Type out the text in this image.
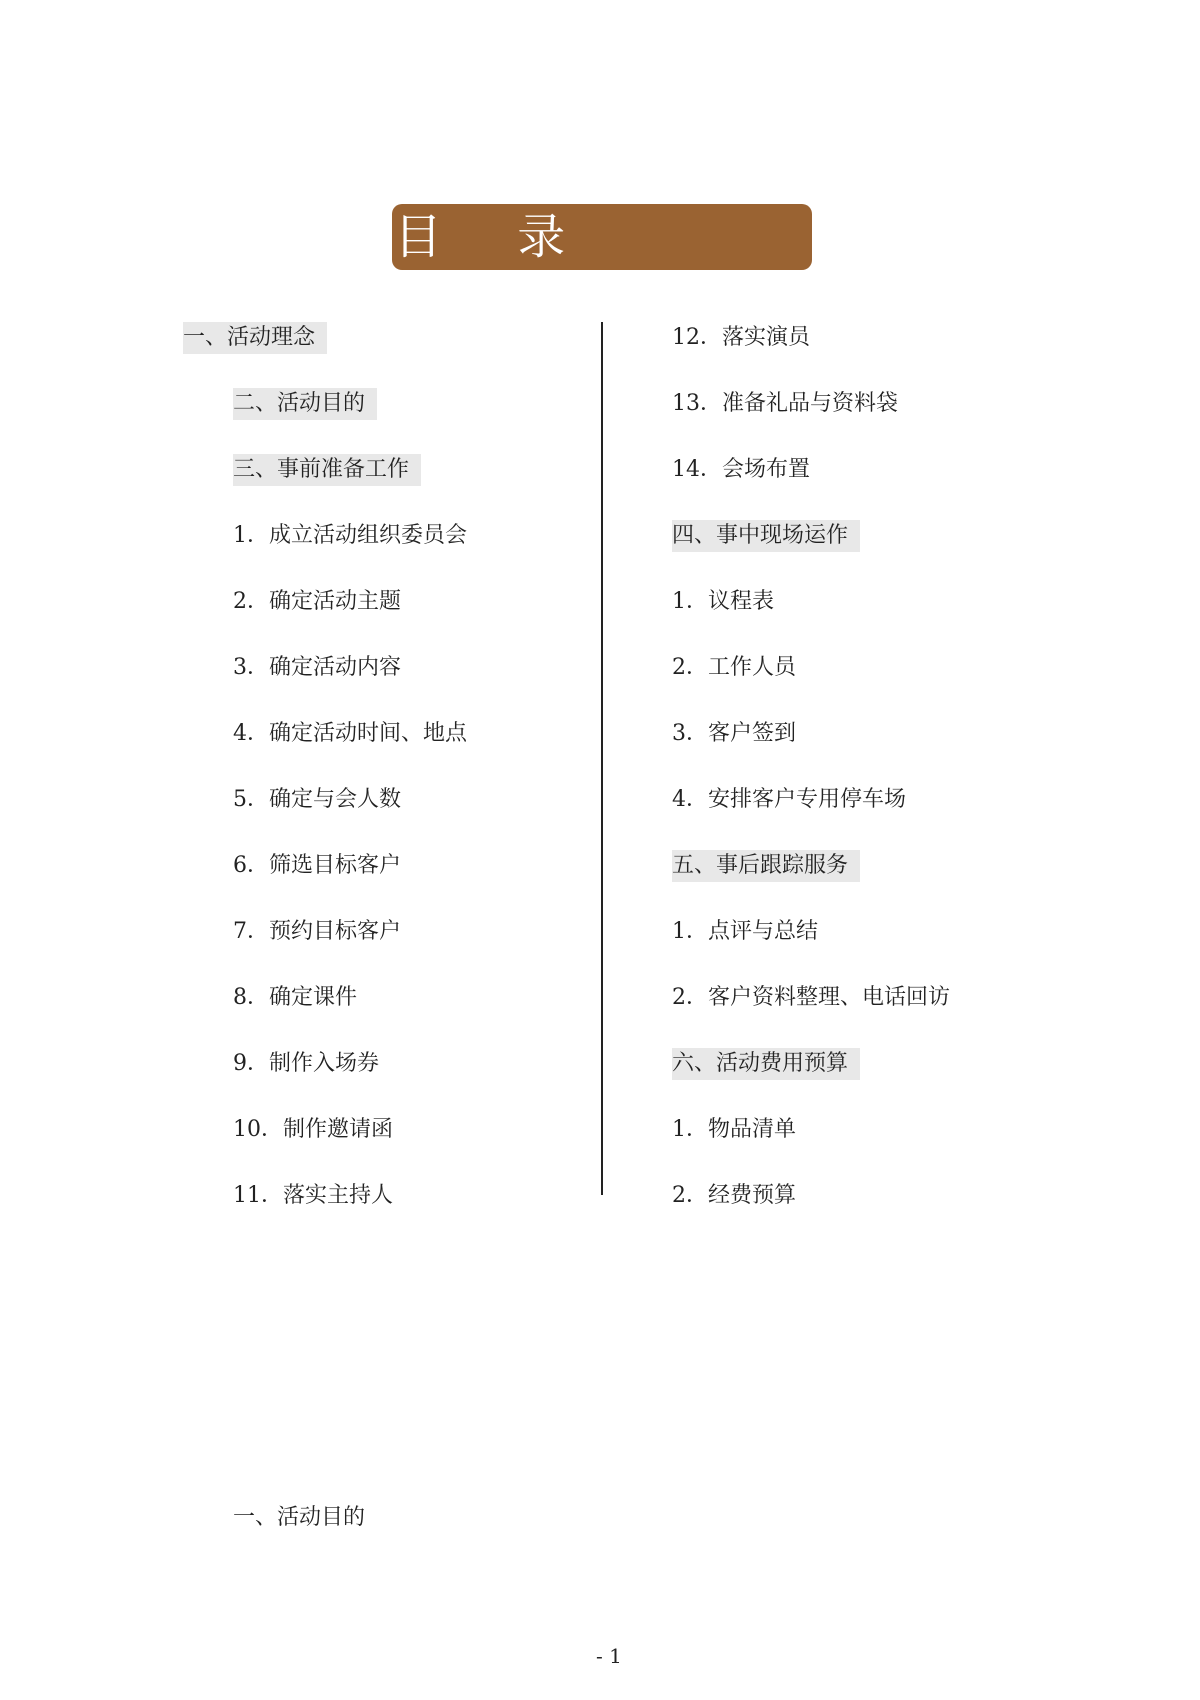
目 录
一、活动理念
二、活动目的
三、事前准备工作
1．成立活动组织委员会
2．确定活动主题
3．确定活动内容
4．确定活动时间、地点
5．确定与会人数
6．筛选目标客户
7．预约目标客户
8．确定课件
9．制作入场券
10．制作邀请函
11．落实主持人
12．落实演员
13．准备礼品与资料袋
14．会场布置
四、事中现场运作
1．议程表
2．工作人员
3．客户签到
4．安排客户专用停车场
五、事后跟踪服务
1．点评与总结
2．客户资料整理、电话回访
六、活动费用预算
1．物品清单
2．经费预算
一、活动目的
- 1
